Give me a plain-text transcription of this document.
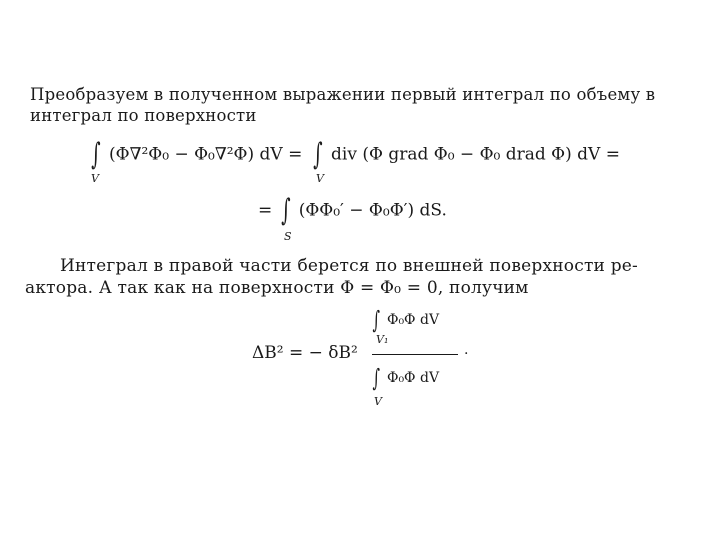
Преобразуем в полученном выражении первый интеграл по объему в
интеграл по поверхности
∫ (Φ∇²Φ₀ − Φ₀∇²Φ) dV =
V
∫ div (Φ grad Φ₀ − Φ₀ drad Φ) dV =
V
= ∫ (ΦΦ₀′ − Φ₀Φ′) dS.
S
Интеграл в правой части берется по внешней поверхности ре-
актора. А так как на поверхности Φ = Φ₀ = 0, получим
ΔB² = − δB²
∫ Φ₀Φ dV
V₁
.
∫ Φ₀Φ dV
V
